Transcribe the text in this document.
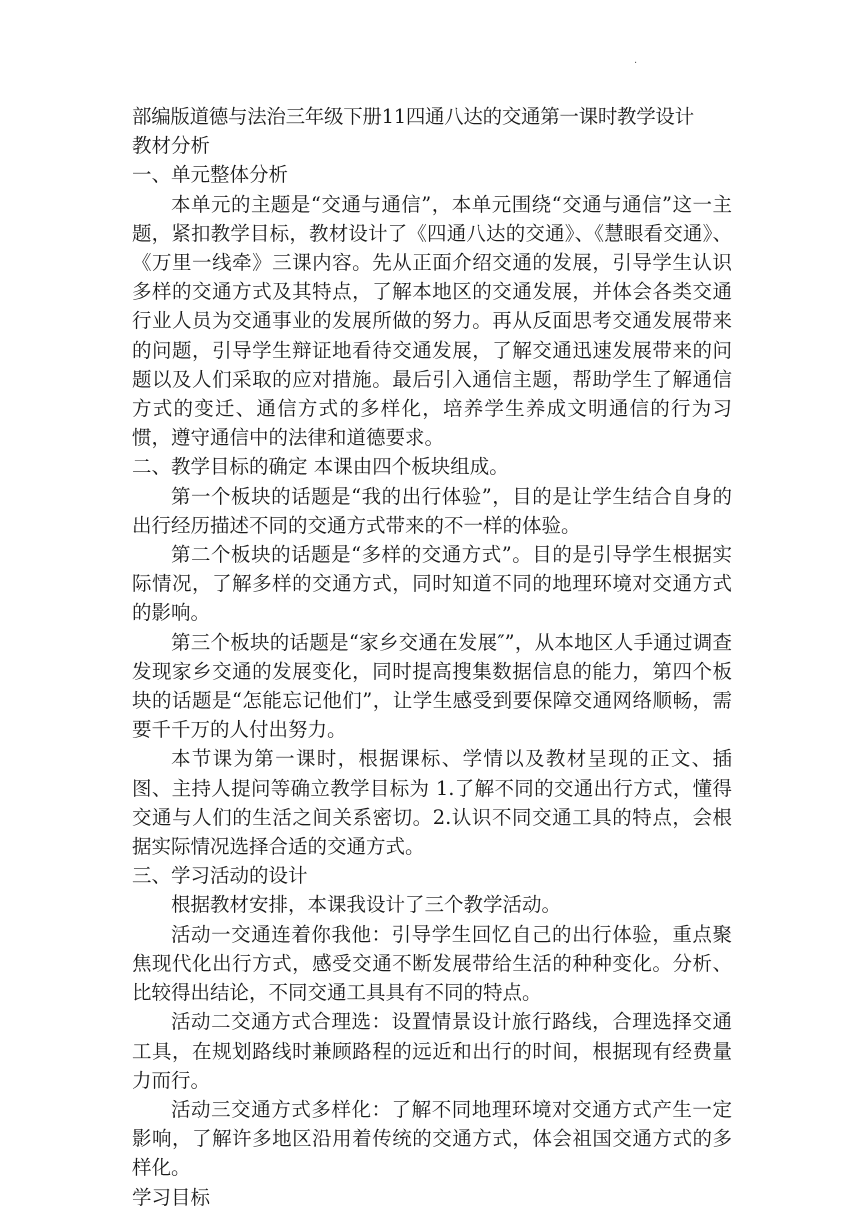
·

部编版道德与法治三年级下册11四通八达的交通第一课时教学设计

教材分析

一、单元整体分析

本单元的主题是“交通与通信”，本单元围绕“交通与通信”这一主题，紧扣教学目标，教材设计了《四通八达的交通》、《慧眼看交通》、《万里一线牵》三课内容。先从正面介绍交通的发展，引导学生认识多样的交通方式及其特点，了解本地区的交通发展，并体会各类交通行业人员为交通事业的发展所做的努力。再从反面思考交通发展带来的问题，引导学生辩证地看待交通发展，了解交通迅速发展带来的问题以及人们采取的应对措施。最后引入通信主题，帮助学生了解通信方式的变迁、通信方式的多样化，培养学生养成文明通信的行为习惯，遵守通信中的法律和道德要求。

二、教学目标的确定 本课由四个板块组成。

第一个板块的话题是“我的出行体验”，目的是让学生结合自身的出行经历描述不同的交通方式带来的不一样的体验。

第二个板块的话题是“多样的交通方式”。目的是引导学生根据实际情况，了解多样的交通方式，同时知道不同的地理环境对交通方式的影响。

第三个板块的话题是“家乡交通在发展″”，从本地区人手通过调查发现家乡交通的发展变化，同时提高搜集数据信息的能力，第四个板块的话题是“怎能忘记他们”，让学生感受到要保障交通网络顺畅，需要千千万的人付出努力。

本节课为第一课时，根据课标、学情以及教材呈现的正文、插图、主持人提问等确立教学目标为 1.了解不同的交通出行方式，懂得交通与人们的生活之间关系密切。2.认识不同交通工具的特点，会根据实际情况选择合适的交通方式。

三、学习活动的设计

根据教材安排，本课我设计了三个教学活动。

活动一交通连着你我他：引导学生回忆自己的出行体验，重点聚焦现代化出行方式，感受交通不断发展带给生活的种种变化。分析、比较得出结论，不同交通工具具有不同的特点。

活动二交通方式合理选：设置情景设计旅行路线，合理选择交通工具，在规划路线时兼顾路程的远近和出行的时间，根据现有经费量力而行。

活动三交通方式多样化：了解不同地理环境对交通方式产生一定影响，了解许多地区沿用着传统的交通方式，体会祖国交通方式的多样化。

学习目标
